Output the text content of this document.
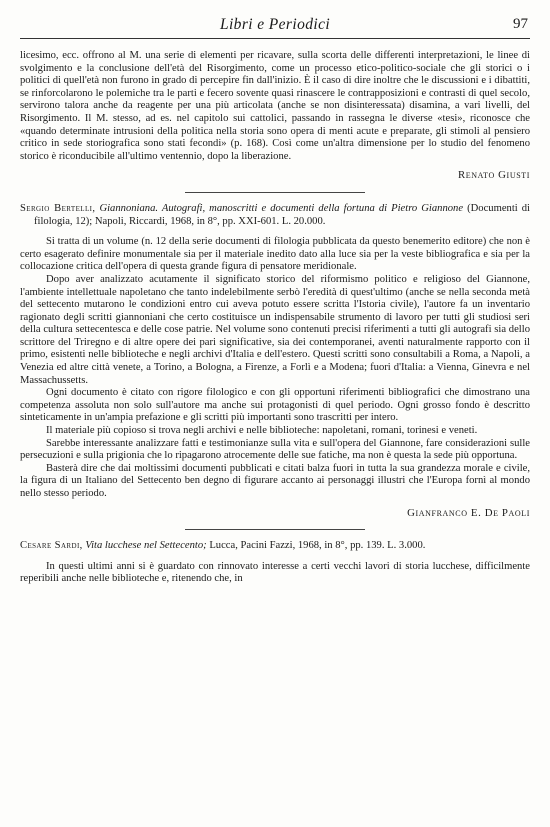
Libri e Periodici	97

licesimo, ecc. offrono al M. una serie di elementi per ricavare, sulla scorta delle differenti interpretazioni, le linee di svolgimento e la conclusione dell'età del Risorgimento, come un processo etico-politico-sociale che gli storici o i politici di quell'età non furono in grado di percepire fin dall'inizio. È il caso di dire inoltre che le discussioni e i dibattiti, se rinforcolarono le polemiche tra le parti e fecero sovente quasi rinascere le contrapposizioni e contrasti di quel secolo, servirono talora anche da reagente per una più articolata (anche se non disinteressata) disamina, a vari livelli, del Risorgimento. Il M. stesso, ad es. nel capitolo sui cattolici, passando in rassegna le diverse «tesi», riconosce che «quando determinate intrusioni della politica nella storia sono opera di menti acute e preparate, gli stimoli al pensiero critico in sede storiografica sono stati fecondi» (p. 168). Così come un'altra dimensione per lo studio del fenomeno storico è riconducibile all'ultimo ventennio, dopo la liberazione.

Renato Giusti
Sergio Bertelli, Giannoniana. Autografi, manoscritti e documenti della fortuna di Pietro Giannone (Documenti di filologia, 12); Napoli, Riccardi, 1968, in 8°, pp. XXI-601. L. 20.000.

Si tratta di un volume (n. 12 della serie documenti di filologia pubblicata da questo benemerito editore) che non è certo esagerato definire monumentale sia per il materiale inedito dato alla luce sia per la veste bibliografica e sia per la collocazione critica dell'opera di questa grande figura di pensatore meridionale.

Dopo aver analizzato acutamente il significato storico del riformismo politico e religioso del Giannone, l'ambiente intellettuale napoletano che tanto indelebilmente serbò l'eredità di quest'ultimo (anche se nella seconda metà del settecento mutarono le condizioni entro cui aveva potuto essere scritta l'Istoria civile), l'autore fa un inventario ragionato degli scritti giannoniani che certo costituisce un indispensabile strumento di lavoro per tutti gli studiosi seri della cultura settecentesca e delle cose patrie. Nel volume sono contenuti precisi riferimenti a tutti gli autografi sia dello scrittore del Triregno e di altre opere dei pari significative, sia dei contemporanei, aventi naturalmente rapporto con il primo, esistenti nelle biblioteche e negli archivi d'Italia e dell'estero. Questi scritti sono consultabili a Roma, a Napoli, a Venezia ed altre città venete, a Torino, a Bologna, a Firenze, a Forlì e a Modena; fuori d'Italia: a Vienna, Ginevra e nel Massachussetts.

Ogni documento è citato con rigore filologico e con gli opportuni riferimenti bibliografici che dimostrano una competenza assoluta non solo sull'autore ma anche sui protagonisti di quel periodo. Ogni grosso fondo è descritto sinteticamente in un'ampia prefazione e gli scritti più importanti sono trascritti per intero.

Il materiale più copioso si trova negli archivi e nelle biblioteche: napoletani, romani, torinesi e veneti.

Sarebbe interessante analizzare fatti e testimonianze sulla vita e sull'opera del Giannone, fare considerazioni sulle persecuzioni e sulla prigionia che lo ripagarono atrocemente delle sue fatiche, ma non è questa la sede più opportuna.

Basterà dire che dai moltissimi documenti pubblicati e citati balza fuori in tutta la sua grandezza morale e civile, la figura di un Italiano del Settecento ben degno di figurare accanto ai personaggi illustri che l'Europa fornì al mondo nello stesso periodo.

Gianfranco E. De Paoli
Cesare Sardi, Vita lucchese nel Settecento; Lucca, Pacini Fazzi, 1968, in 8°, pp. 139. L. 3.000.

In questi ultimi anni si è guardato con rinnovato interesse a certi vecchi lavori di storia lucchese, difficilmente reperibili anche nelle biblioteche e, ritenendo che, in
